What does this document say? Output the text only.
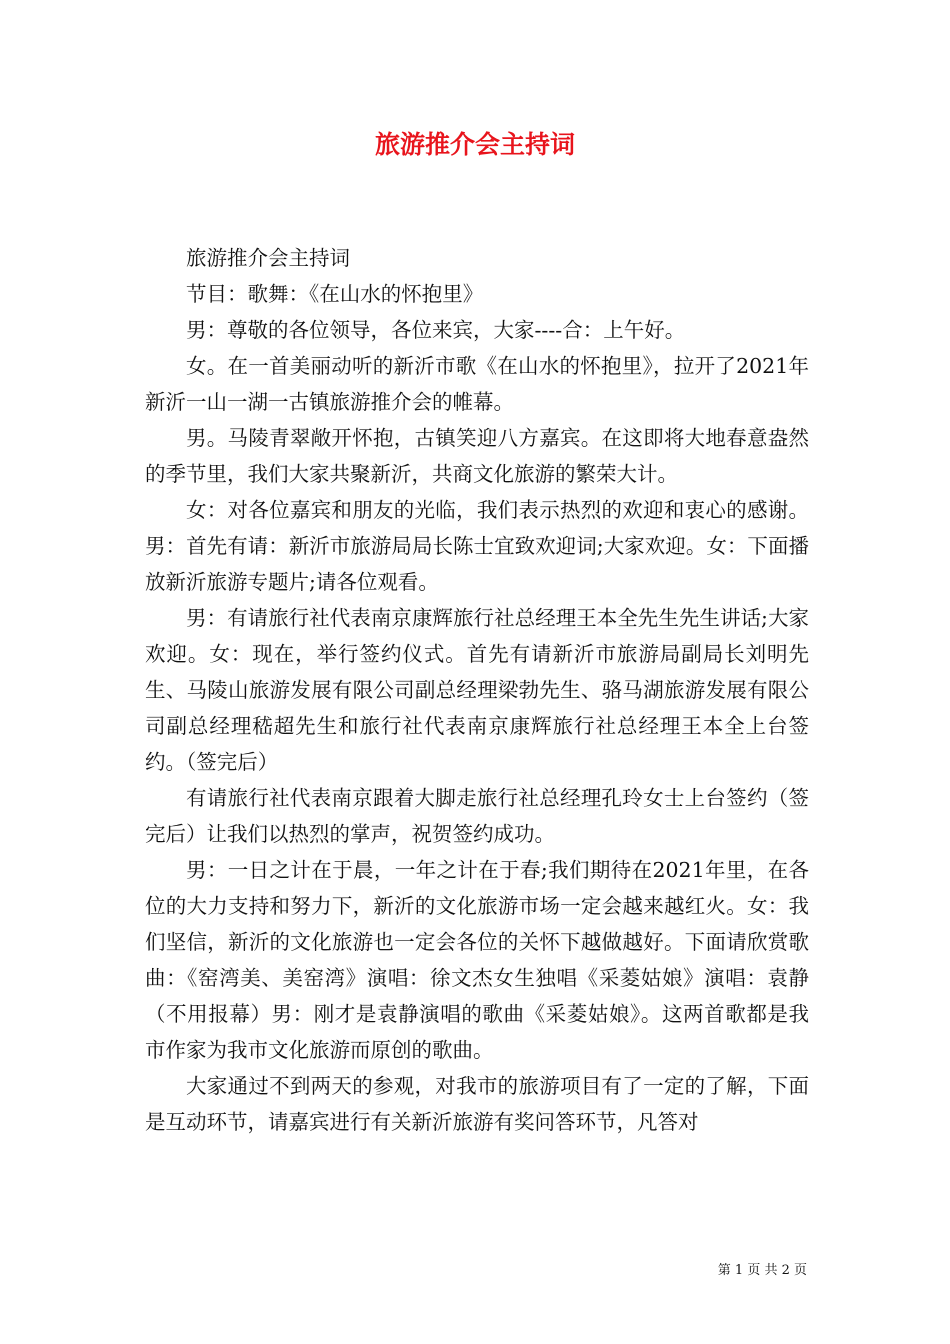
旅游推介会主持词

旅游推介会主持词

节目：歌舞：《在山水的怀抱里》

男：尊敬的各位领导，各位来宾，大家----合：上午好。

女。在一首美丽动听的新沂市歌《在山水的怀抱里》，拉开了2021年新沂一山一湖一古镇旅游推介会的帷幕。

男。马陵青翠敞开怀抱，古镇笑迎八方嘉宾。在这即将大地春意盎然的季节里，我们大家共聚新沂，共商文化旅游的繁荣大计。

女：对各位嘉宾和朋友的光临，我们表示热烈的欢迎和衷心的感谢。男：首先有请：新沂市旅游局局长陈士宜致欢迎词;大家欢迎。女：下面播放新沂旅游专题片;请各位观看。

男：有请旅行社代表南京康辉旅行社总经理王本全先生先生讲话;大家欢迎。女：现在，举行签约仪式。首先有请新沂市旅游局副局长刘明先生、马陵山旅游发展有限公司副总经理梁勃先生、骆马湖旅游发展有限公司副总经理嵇超先生和旅行社代表南京康辉旅行社总经理王本全上台签约。（签完后）

有请旅行社代表南京跟着大脚走旅行社总经理孔玲女士上台签约（签完后）让我们以热烈的掌声，祝贺签约成功。

男：一日之计在于晨，一年之计在于春;我们期待在2021年里，在各位的大力支持和努力下，新沂的文化旅游市场一定会越来越红火。女：我们坚信，新沂的文化旅游也一定会各位的关怀下越做越好。下面请欣赏歌曲：《窑湾美、美窑湾》演唱：徐文杰女生独唱《采菱姑娘》演唱：袁静（不用报幕）男：刚才是袁静演唱的歌曲《采菱姑娘》。这两首歌都是我市作家为我市文化旅游而原创的歌曲。

大家通过不到两天的参观，对我市的旅游项目有了一定的了解，下面是互动环节，请嘉宾进行有关新沂旅游有奖问答环节，凡答对

第 1 页 共 2 页
